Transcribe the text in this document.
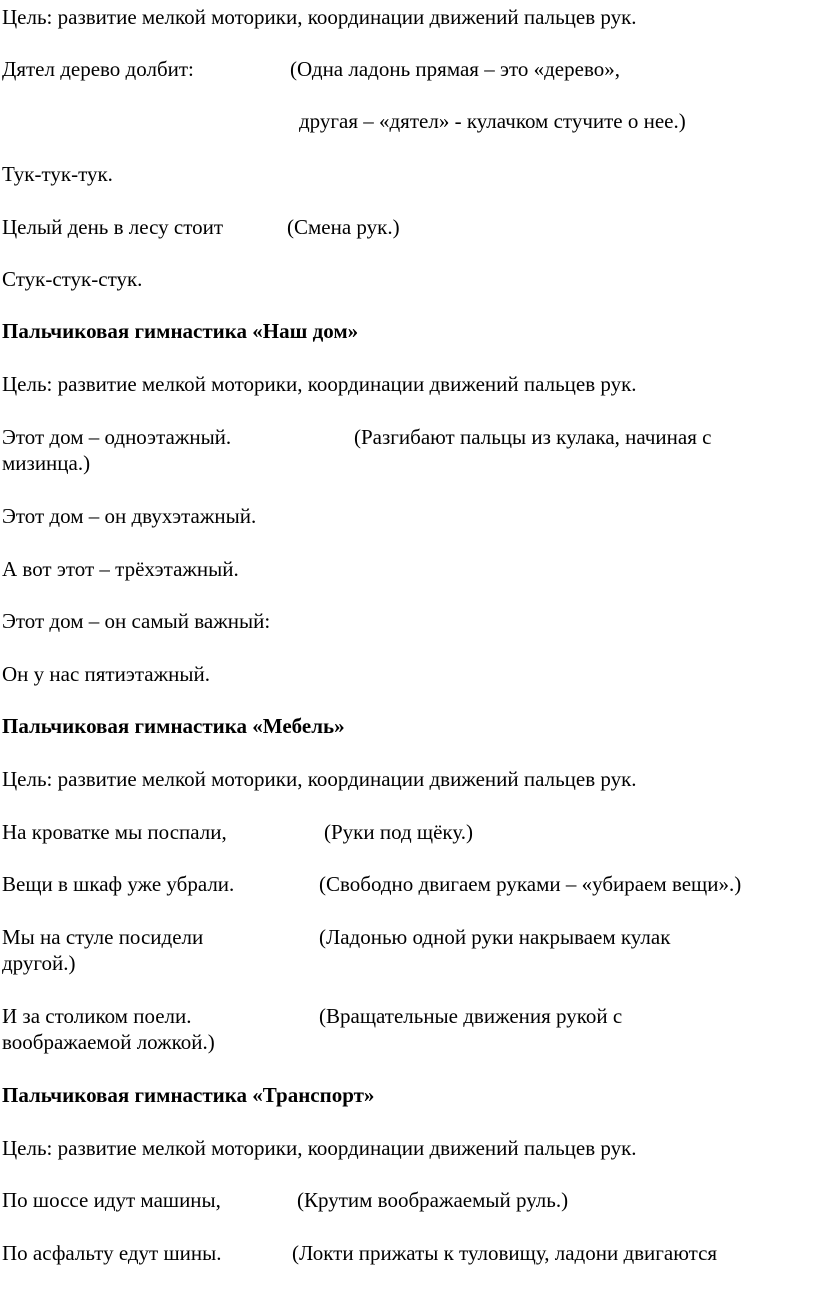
Цель: развитие мелкой моторики, координации движений пальцев рук.
Дятел дерево долбит:	(Одна ладонь прямая – это «дерево»,
другая – «дятел» - кулачком стучите о нее.)
Тук-тук-тук.
Целый день в лесу стоит	(Смена рук.)
Стук-стук-стук.
Пальчиковая гимнастика «Наш дом»
Цель: развитие мелкой моторики, координации движений пальцев рук.
Этот дом – одноэтажный.	(Разгибают пальцы из кулака, начиная с
мизинца.)
Этот дом – он двухэтажный.
А вот этот – трёхэтажный.
Этот дом – он самый важный:
Он у нас пятиэтажный.
Пальчиковая гимнастика «Мебель»
Цель: развитие мелкой моторики, координации движений пальцев рук.
На кроватке мы поспали,	(Руки под щёку.)
Вещи в шкаф уже убрали.	(Свободно двигаем руками – «убираем вещи».)
Мы на стуле посидели	(Ладонью одной руки накрываем кулак
другой.)
И за столиком поели.	(Вращательные движения рукой с
воображаемой ложкой.)
Пальчиковая гимнастика «Транспорт»
Цель: развитие мелкой моторики, координации движений пальцев рук.
По шоссе идут машины,	(Крутим воображаемый руль.)
По асфальту едут шины.	(Локти прижаты к туловищу, ладони двигаются
